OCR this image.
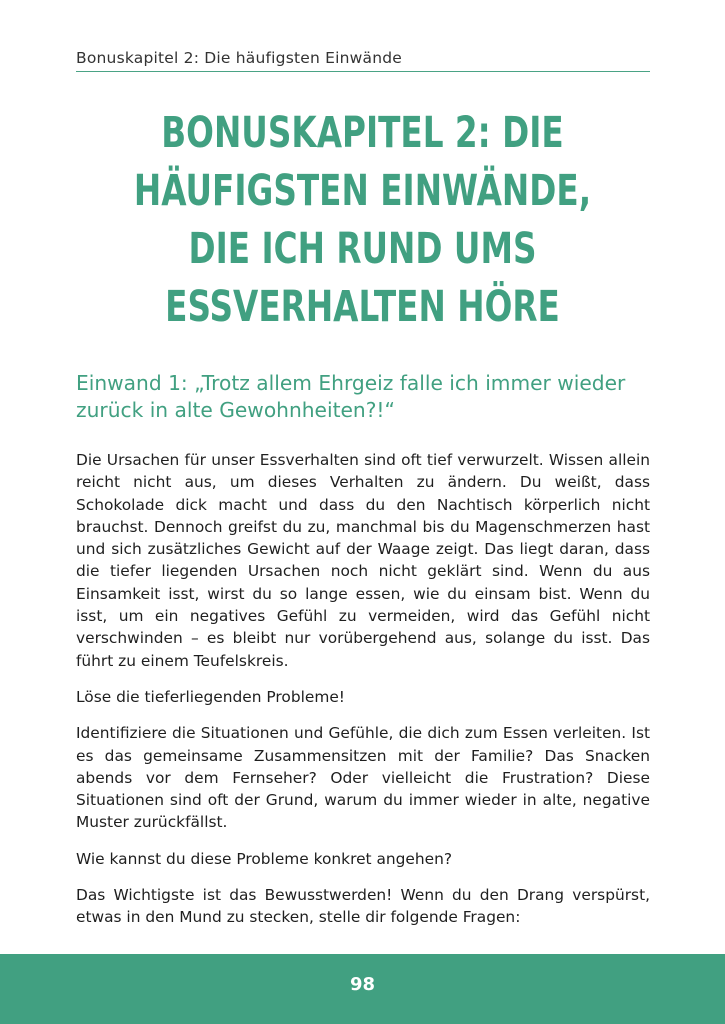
Bonuskapitel 2: Die häufigsten Einwände
BONUSKAPITEL 2: DIE HÄUFIGSTEN EINWÄNDE, DIE ICH RUND UMS ESSVERHALTEN HÖRE
Einwand 1: „Trotz allem Ehrgeiz falle ich immer wieder zurück in alte Gewohnheiten?!“

Die Ursachen für unser Essverhalten sind oft tief verwurzelt. Wissen allein reicht nicht aus, um dieses Verhalten zu ändern. Du weißt, dass Schokolade dick macht und dass du den Nachtisch körperlich nicht brauchst. Dennoch greifst du zu, manchmal bis du Magenschmerzen hast und sich zusätzliches Gewicht auf der Waage zeigt. Das liegt daran, dass die tiefer liegenden Ursachen noch nicht geklärt sind. Wenn du aus Einsamkeit isst, wirst du so lange essen, wie du einsam bist. Wenn du isst, um ein negatives Gefühl zu vermeiden, wird das Gefühl nicht verschwinden – es bleibt nur vorübergehend aus, solange du isst. Das führt zu einem Teufelskreis.

Löse die tieferliegenden Probleme!

Identifiziere die Situationen und Gefühle, die dich zum Essen verleiten. Ist es das gemeinsame Zusammensitzen mit der Familie? Das Snacken abends vor dem Fernseher? Oder vielleicht die Frustration? Diese Situationen sind oft der Grund, warum du immer wieder in alte, negative Muster zurückfällst.

Wie kannst du diese Probleme konkret angehen?

Das Wichtigste ist das Bewusstwerden! Wenn du den Drang verspürst, etwas in den Mund zu stecken, stelle dir folgende Fragen:

98
